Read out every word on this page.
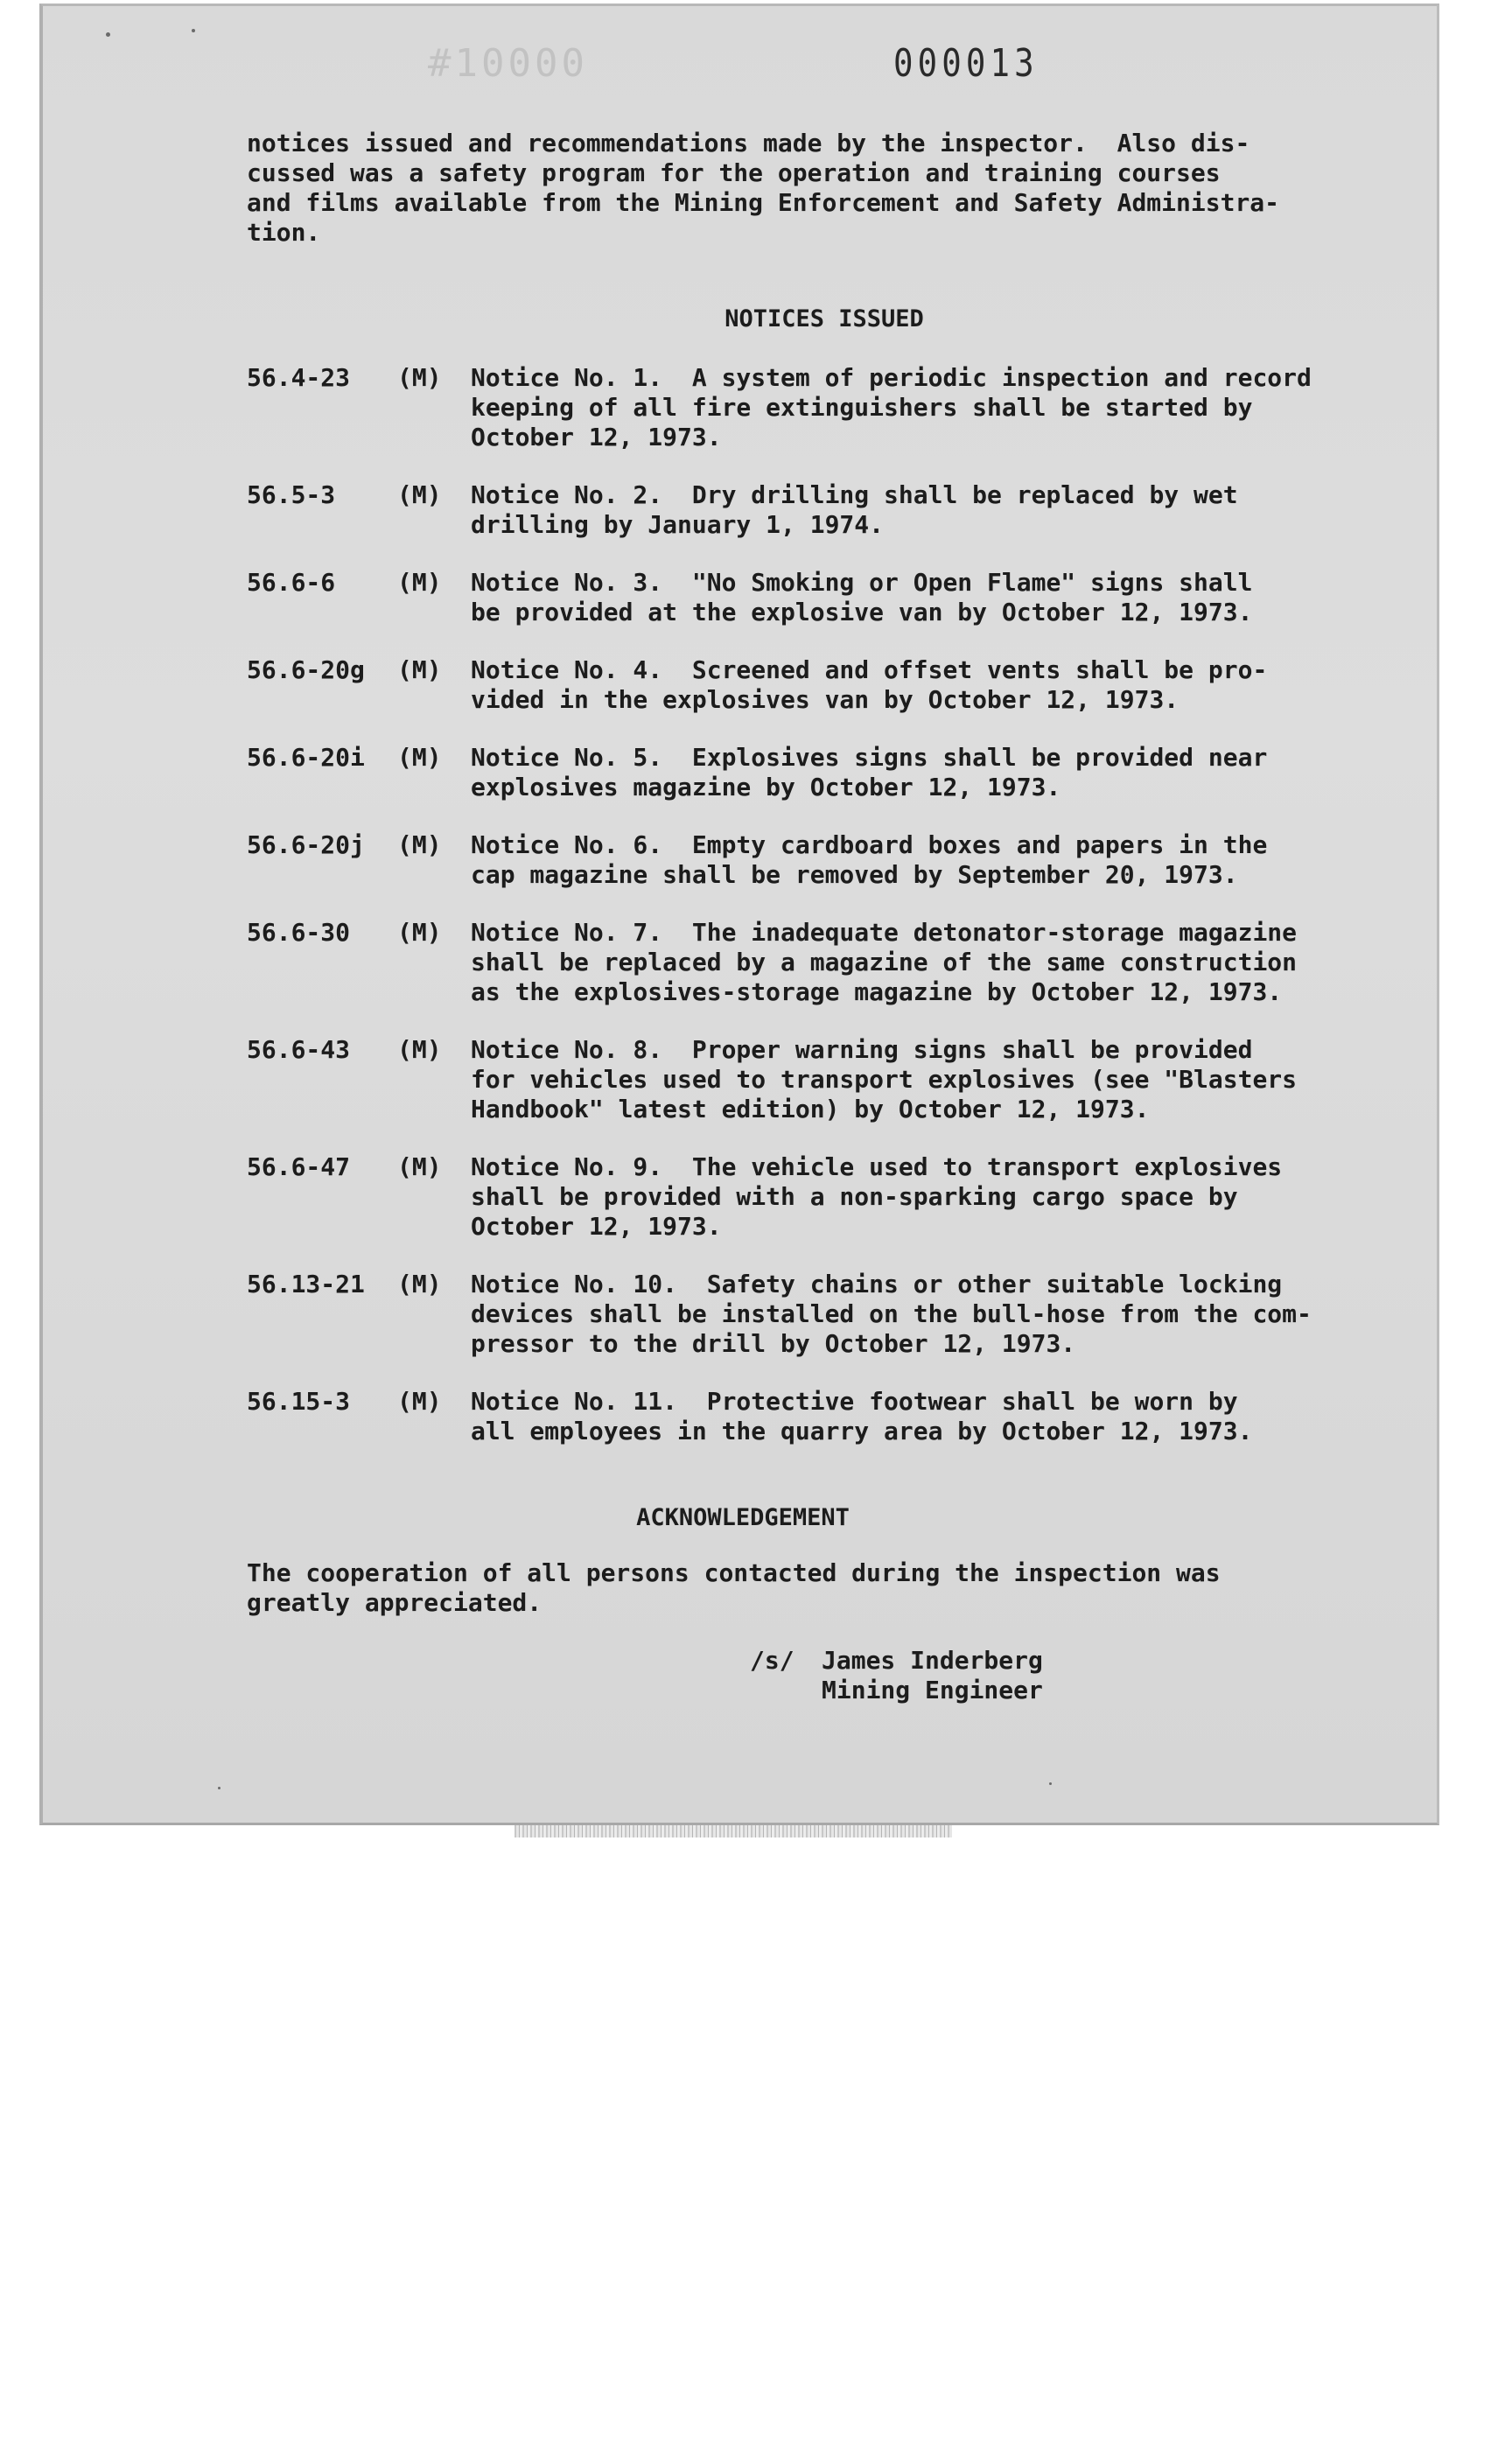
#10000	000013
notices issued and recommendations made by the inspector.  Also dis-
cussed was a safety program for the operation and training courses
and films available from the Mining Enforcement and Safety Administra-
tion.
NOTICES ISSUED
56.4-23	(M)	Notice No. 1.  A system of periodic inspection and record
keeping of all fire extinguishers shall be started by
October 12, 1973.
56.5-3	(M)	Notice No. 2.  Dry drilling shall be replaced by wet
drilling by January 1, 1974.
56.6-6	(M)	Notice No. 3.  "No Smoking or Open Flame" signs shall
be provided at the explosive van by October 12, 1973.
56.6-20g	(M)	Notice No. 4.  Screened and offset vents shall be pro-
vided in the explosives van by October 12, 1973.
56.6-20i	(M)	Notice No. 5.  Explosives signs shall be provided near
explosives magazine by October 12, 1973.
56.6-20j	(M)	Notice No. 6.  Empty cardboard boxes and papers in the
cap magazine shall be removed by September 20, 1973.
56.6-30	(M)	Notice No. 7.  The inadequate detonator-storage magazine
shall be replaced by a magazine of the same construction
as the explosives-storage magazine by October 12, 1973.
56.6-43	(M)	Notice No. 8.  Proper warning signs shall be provided
for vehicles used to transport explosives (see "Blasters
Handbook" latest edition) by October 12, 1973.
56.6-47	(M)	Notice No. 9.  The vehicle used to transport explosives
shall be provided with a non-sparking cargo space by
October 12, 1973.
56.13-21	(M)	Notice No. 10.  Safety chains or other suitable locking
devices shall be installed on the bull-hose from the com-
pressor to the drill by October 12, 1973.
56.15-3	(M)	Notice No. 11.  Protective footwear shall be worn by
all employees in the quarry area by October 12, 1973.
ACKNOWLEDGEMENT
The cooperation of all persons contacted during the inspection was
greatly appreciated.
/s/	James Inderberg
Mining Engineer
